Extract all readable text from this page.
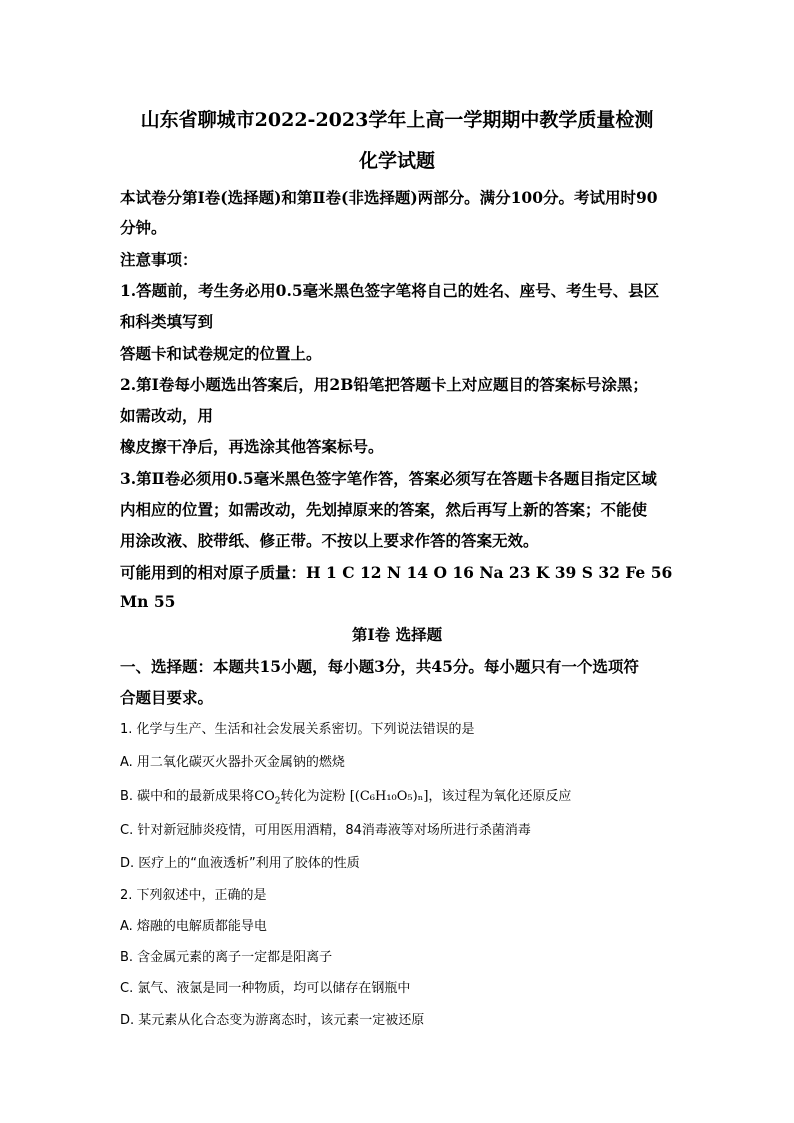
山东省聊城市2022-2023学年上高一学期期中教学质量检测
化学试题
本试卷分第Ⅰ卷(选择题)和第Ⅱ卷(非选择题)两部分。满分100分。考试用时90
分钟。
注意事项：
1.答题前，考生务必用0.5毫米黑色签字笔将自己的姓名、座号、考生号、县区
和科类填写到
答题卡和试卷规定的位置上。
2.第Ⅰ卷每小题选出答案后，用2B铅笔把答题卡上对应题目的答案标号涂黑；
如需改动，用
橡皮擦干净后，再选涂其他答案标号。
3.第Ⅱ卷必须用0.5毫米黑色签字笔作答，答案必须写在答题卡各题目指定区域
内相应的位置；如需改动，先划掉原来的答案，然后再写上新的答案；不能使
用涂改液、胶带纸、修正带。不按以上要求作答的答案无效。
可能用到的相对原子质量：H 1 C 12 N 14 O 16 Na 23 K 39 S 32 Fe 56
Mn 55
第Ⅰ卷 选择题
一、选择题：本题共15小题，每小题3分，共45分。每小题只有一个选项符
合题目要求。
1. 化学与生产、生活和社会发展关系密切。下列说法错误的是
A. 用二氧化碳灭火器扑灭金属钠的燃烧
B. 碳中和的最新成果将$CO_2$转化为淀粉 [(C₆H₁₀O₅)ₙ]，该过程为氧化还原反应
C. 针对新冠肺炎疫情，可用医用酒精，84消毒液等对场所进行杀菌消毒
D. 医疗上的“血液透析”利用了胶体的性质
2. 下列叙述中，正确的是
A. 熔融的电解质都能导电
B. 含金属元素的离子一定都是阳离子
C. 氯气、液氯是同一种物质，均可以储存在钢瓶中
D. 某元素从化合态变为游离态时，该元素一定被还原
